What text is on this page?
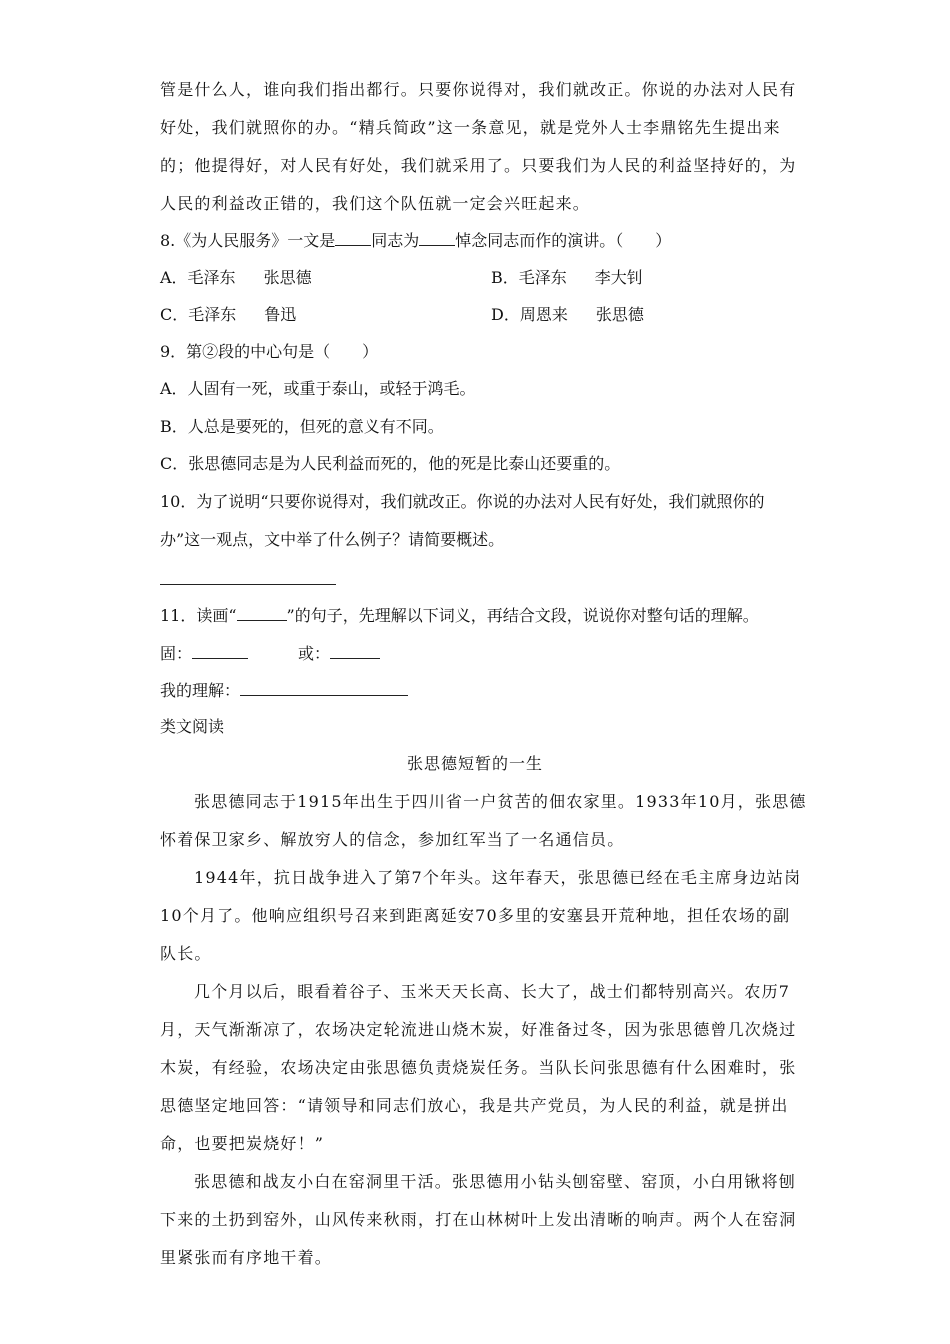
管是什么人，谁向我们指出都行。只要你说得对，我们就改正。你说的办法对人民有
好处，我们就照你的办。“精兵简政”这一条意见，就是党外人士李鼎铭先生提出来
的；他提得好，对人民有好处，我们就采用了。只要我们为人民的利益坚持好的，为
人民的利益改正错的，我们这个队伍就一定会兴旺起来。
8.《为人民服务》一文是 同志为 悼念同志而作的演讲。（　　）
A．毛泽东 张思德	B．毛泽东 李大钊
C．毛泽东 鲁迅	D．周恩来 张思德
9．第②段的中心句是（　　）
A．人固有一死，或重于泰山，或轻于鸿毛。
B．人总是要死的，但死的意义有不同。
C．张思德同志是为人民利益而死的，他的死是比泰山还要重的。
10．为了说明“只要你说得对，我们就改正。你说的办法对人民有好处，我们就照你的
办”这一观点，文中举了什么例子？请简要概述。
11．读画“	”的句子，先理解以下词义，再结合文段，说说你对整句话的理解。
固：	或：
我的理解：
类文阅读
张思德短暂的一生
张思德同志于1915年出生于四川省一户贫苦的佃农家里。1933年10月，张思德
怀着保卫家乡、解放穷人的信念，参加红军当了一名通信员。
1944年，抗日战争进入了第7个年头。这年春天，张思德已经在毛主席身边站岗
10个月了。他响应组织号召来到距离延安70多里的安塞县开荒种地，担任农场的副
队长。
几个月以后，眼看着谷子、玉米天天长高、长大了，战士们都特别高兴。农历7
月，天气渐渐凉了，农场决定轮流进山烧木炭，好准备过冬，因为张思德曾几次烧过
木炭，有经验，农场决定由张思德负责烧炭任务。当队长问张思德有什么困难时，张
思德坚定地回答：“请领导和同志们放心，我是共产党员，为人民的利益，就是拼出
命，也要把炭烧好！”
张思德和战友小白在窑洞里干活。张思德用小钻头刨窑壁、窑顶，小白用锹将刨
下来的土扔到窑外，山风传来秋雨，打在山林树叶上发出清晰的响声。两个人在窑洞
里紧张而有序地干着。
